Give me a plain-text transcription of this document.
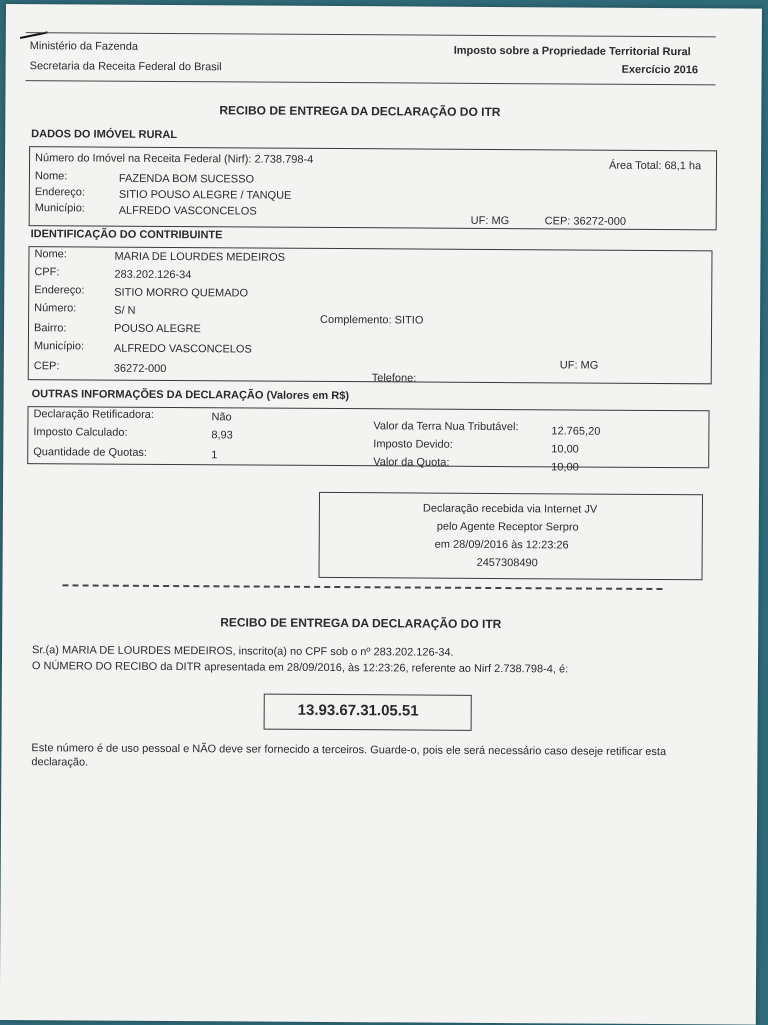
Ministério da Fazenda
Secretaria da Receita Federal do Brasil
Imposto sobre a Propriedade Territorial Rural
Exercício 2016
RECIBO DE ENTREGA DA DECLARAÇÃO DO ITR
DADOS DO IMÓVEL RURAL
Número do Imóvel na Receita Federal (Nirf): 2.738.798-4
Área Total: 68,1 ha
Nome:	FAZENDA BOM SUCESSO
Endereço:	SITIO POUSO ALEGRE / TANQUE
Município:	ALFREDO VASCONCELOS
UF: MG	CEP: 36272-000
IDENTIFICAÇÃO DO CONTRIBUINTE
Nome:	MARIA DE LOURDES MEDEIROS
CPF:	283.202.126-34
Endereço:	SITIO MORRO QUEMADO
Número:	S/ N
Complemento: SITIO
Bairro:	POUSO ALEGRE
Município:	ALFREDO VASCONCELOS
UF: MG
CEP:	36272-000
Telefone:
OUTRAS INFORMAÇÕES DA DECLARAÇÃO (Valores em R$)
Declaração Retificadora:	Não
Imposto Calculado:	8,93
Quantidade de Quotas:	1
Valor da Terra Nua Tributável:	12.765,20
Imposto Devido:	10,00
Valor da Quota:	10,00
Declaração recebida via Internet JV
pelo Agente Receptor Serpro
em 28/09/2016 às 12:23:26
2457308490
RECIBO DE ENTREGA DA DECLARAÇÃO DO ITR
Sr.(a) MARIA DE LOURDES MEDEIROS, inscrito(a) no CPF sob o nº 283.202.126-34.
O NÚMERO DO RECIBO da DITR apresentada em 28/09/2016, às 12:23:26, referente ao Nirf 2.738.798-4, é:
13.93.67.31.05.51
Este número é de uso pessoal e NÃO deve ser fornecido a terceiros. Guarde-o, pois ele será necessário caso deseje retificar esta
declaração.
